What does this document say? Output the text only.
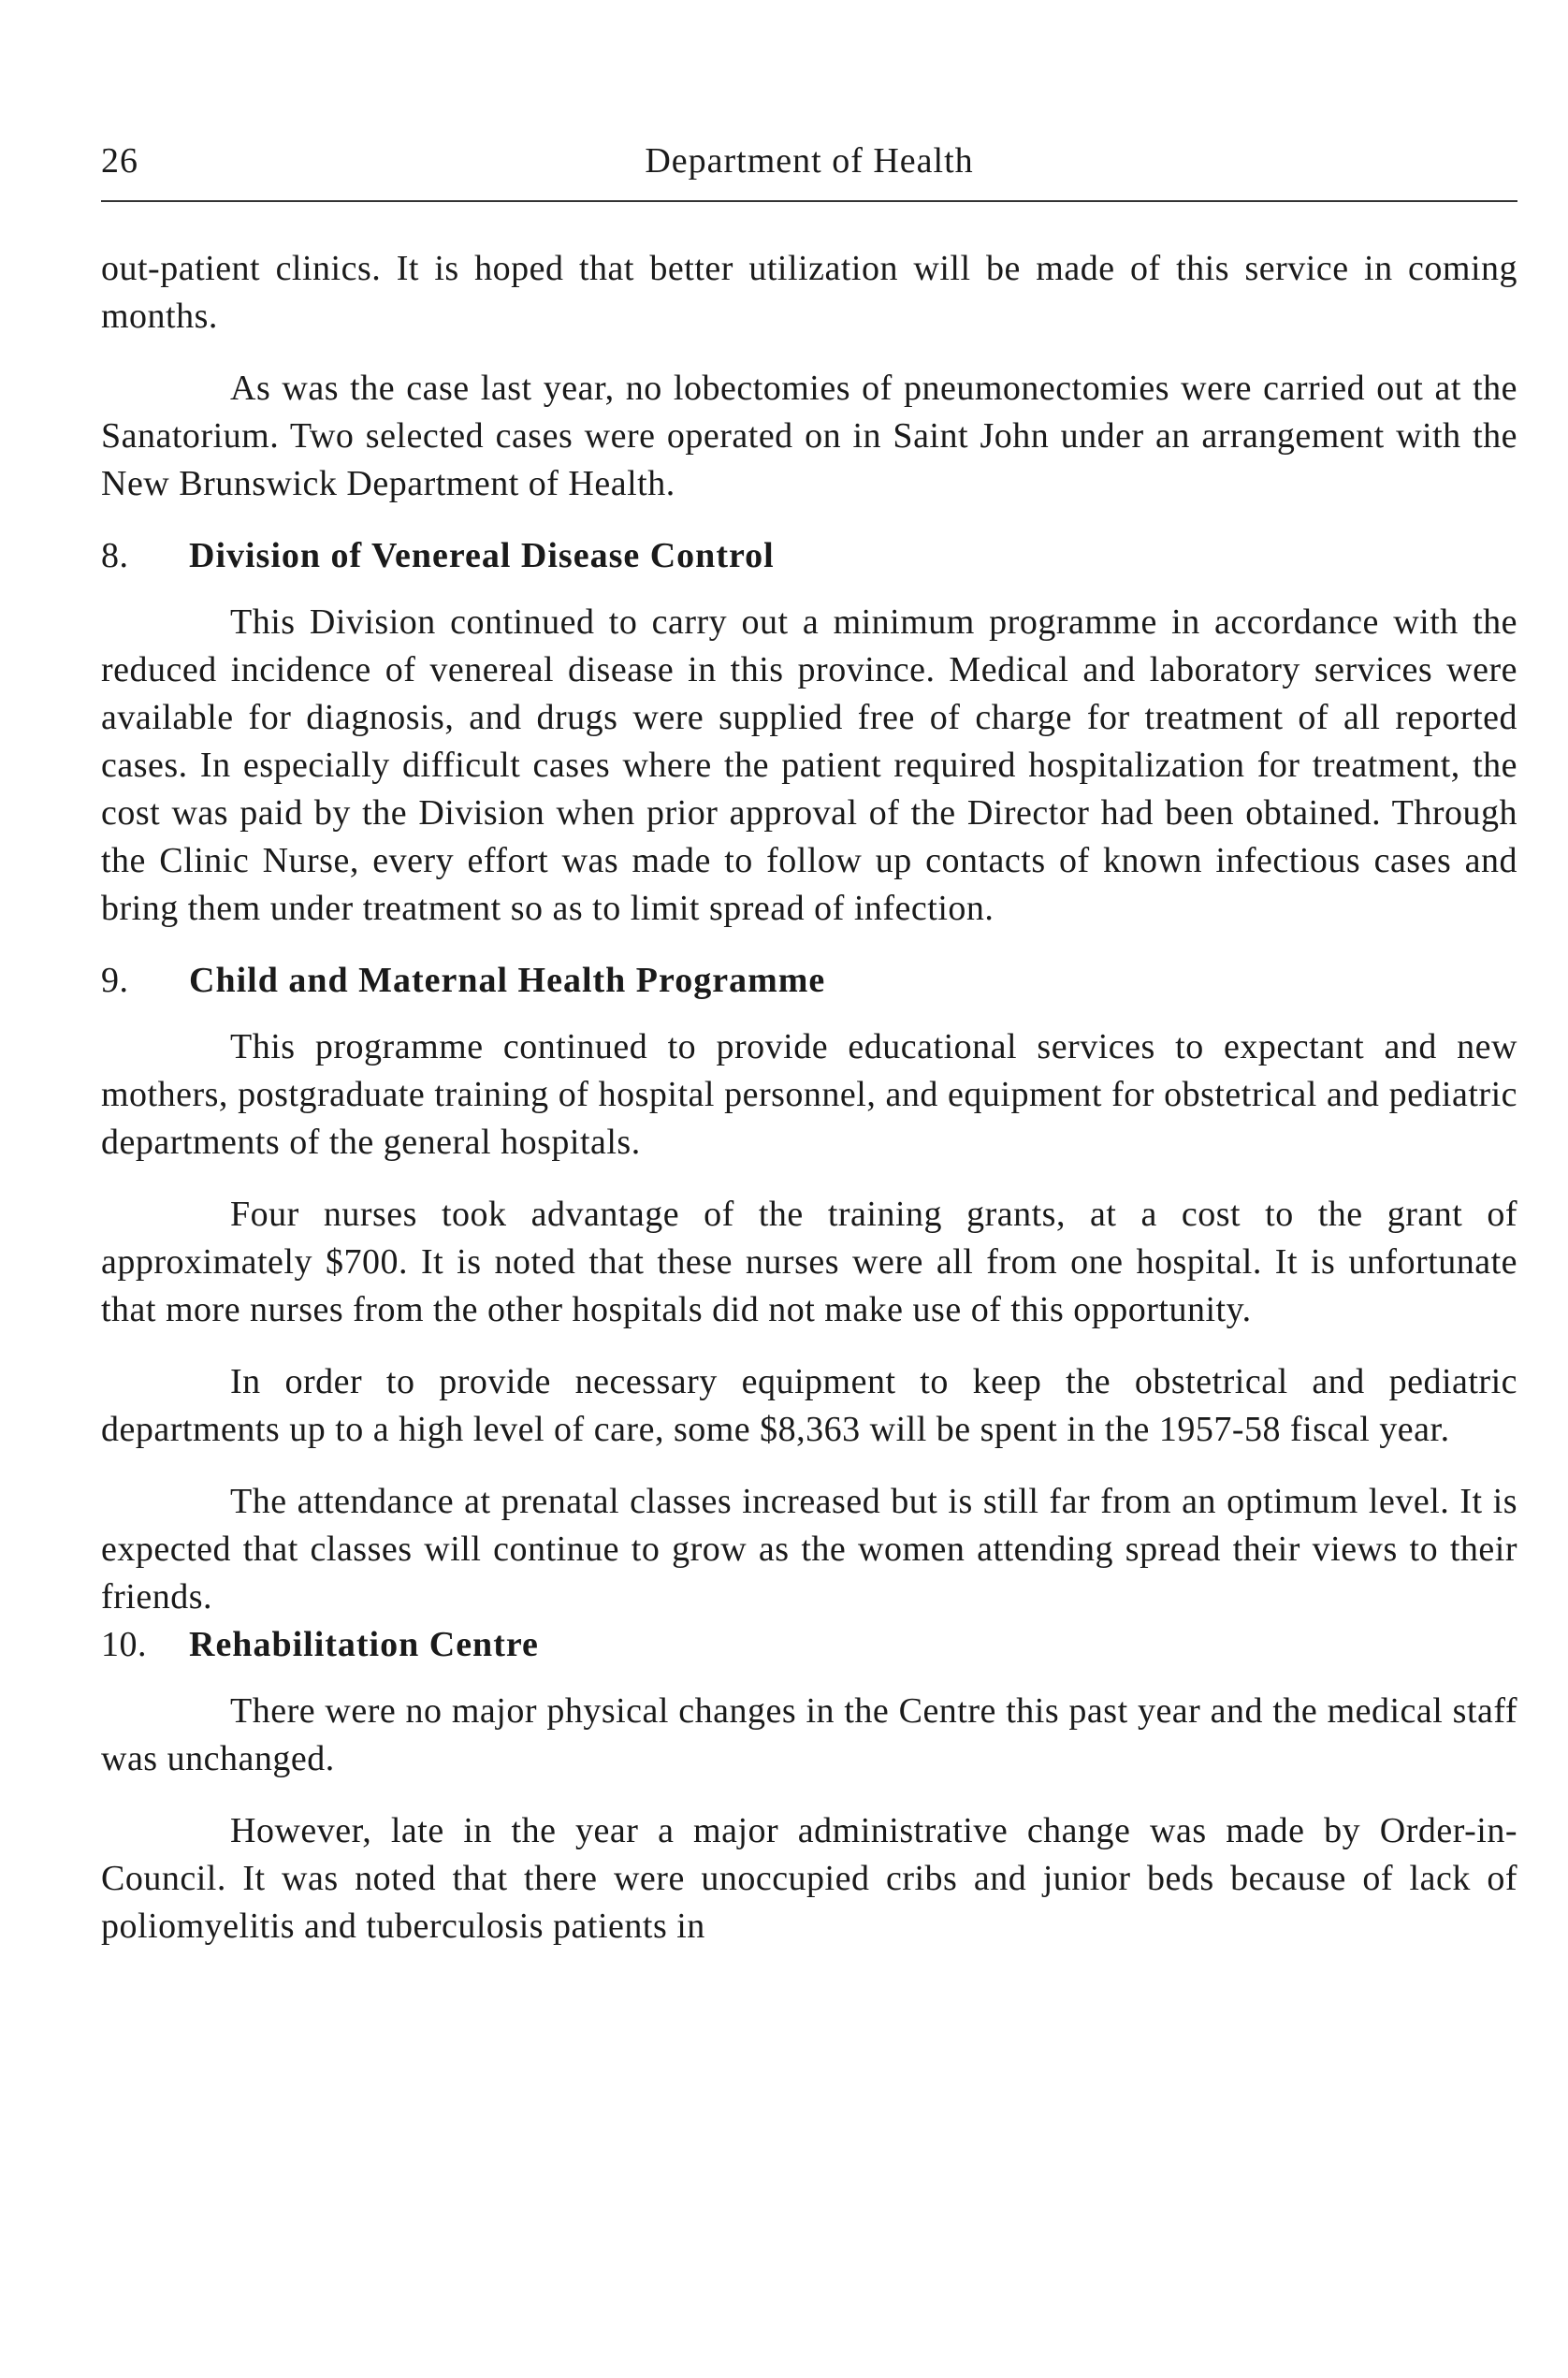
26	Department of Health

out-patient clinics. It is hoped that better utilization will be made of this service in coming months.

As was the case last year, no lobectomies of pneumonectomies were carried out at the Sanatorium. Two selected cases were operated on in Saint John under an arrangement with the New Brunswick Department of Health.

8. Division of Venereal Disease Control

This Division continued to carry out a minimum programme in accordance with the reduced incidence of venereal disease in this province. Medical and laboratory services were available for diagnosis, and drugs were supplied free of charge for treatment of all reported cases. In especially difficult cases where the patient required hospitalization for treatment, the cost was paid by the Division when prior approval of the Director had been obtained. Through the Clinic Nurse, every effort was made to follow up contacts of known infectious cases and bring them under treatment so as to limit spread of infection.

9. Child and Maternal Health Programme

This programme continued to provide educational services to expectant and new mothers, postgraduate training of hospital personnel, and equipment for obstetrical and pediatric departments of the general hospitals.

Four nurses took advantage of the training grants, at a cost to the grant of approximately $700. It is noted that these nurses were all from one hospital. It is unfortunate that more nurses from the other hospitals did not make use of this opportunity.

In order to provide necessary equipment to keep the obstetrical and pediatric departments up to a high level of care, some $8,363 will be spent in the 1957-58 fiscal year.

The attendance at prenatal classes increased but is still far from an optimum level. It is expected that classes will continue to grow as the women attending spread their views to their friends.

10. Rehabilitation Centre

There were no major physical changes in the Centre this past year and the medical staff was unchanged.

However, late in the year a major administrative change was made by Order-in-Council. It was noted that there were unoccupied cribs and junior beds because of lack of poliomyelitis and tuberculosis patients in
